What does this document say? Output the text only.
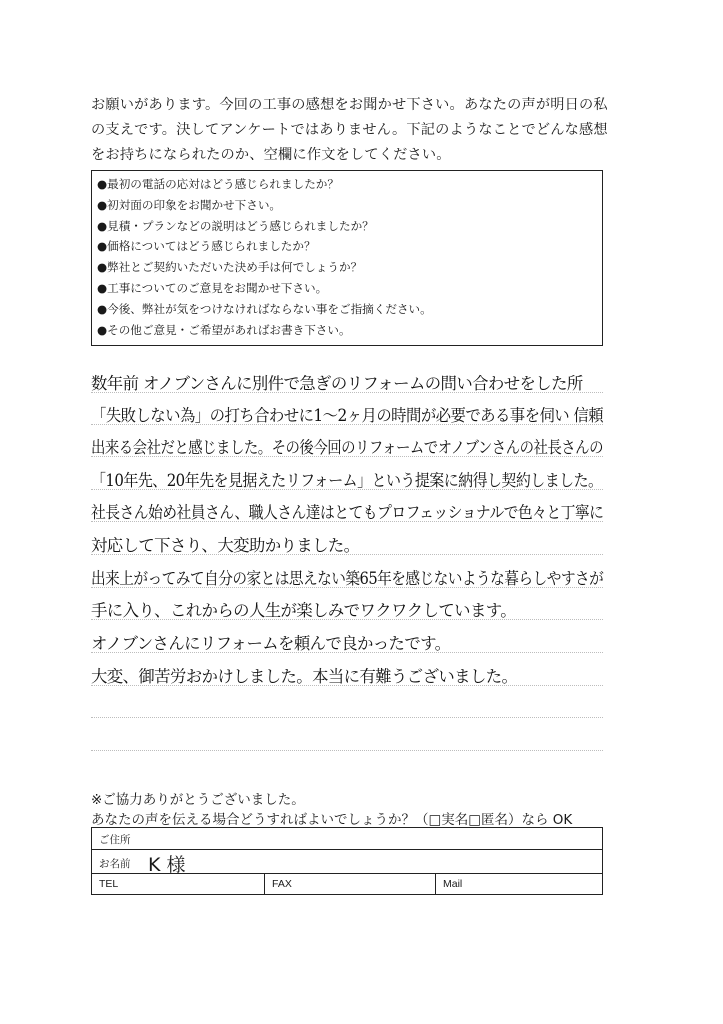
お願いがあります。今回の工事の感想をお聞かせ下さい。あなたの声が明日の私

の支えです。決してアンケートではありません。下記のようなことでどんな感想

をお持ちになられたのか、空欄に作文をしてください。

●最初の電話の応対はどう感じられましたか？
●初対面の印象をお聞かせ下さい。
●見積・プランなどの説明はどう感じられましたか？
●価格についてはどう感じられましたか？
●弊社とご契約いただいた決め手は何でしょうか？
●工事についてのご意見をお聞かせ下さい。
●今後、弊社が気をつけなければならない事をご指摘ください。
●その他ご意見・ご希望があればお書き下さい。
数年前 オノブンさんに別件で急ぎのリフォームの問い合わせをした所
「失敗しない為」の打ち合わせに1〜2ヶ月の時間が必要である事を伺い 信頼
出来る会社だと感じました。その後今回のリフォームでオノブンさんの社長さんの
「10年先、20年先を見据えたリフォーム」という提案に納得し契約しました。
社長さん始め社員さん、職人さん達はとてもプロフェッショナルで色々と丁寧に
対応して下さり、大変助かりました。
出来上がってみて自分の家とは思えない築65年を感じないような暮らしやすさが
手に入り、これからの人生が楽しみでワクワクしています。
オノブンさんにリフォームを頼んで良かったです。
大変、御苦労おかけしました。本当に有難うございました。
※ご協力ありがとうございました。
あなたの声を伝える場合どうすればよいでしょうか？（□実名□匿名）なら OK
ご住所
お名前 K 様
TEL	FAX	Mail
